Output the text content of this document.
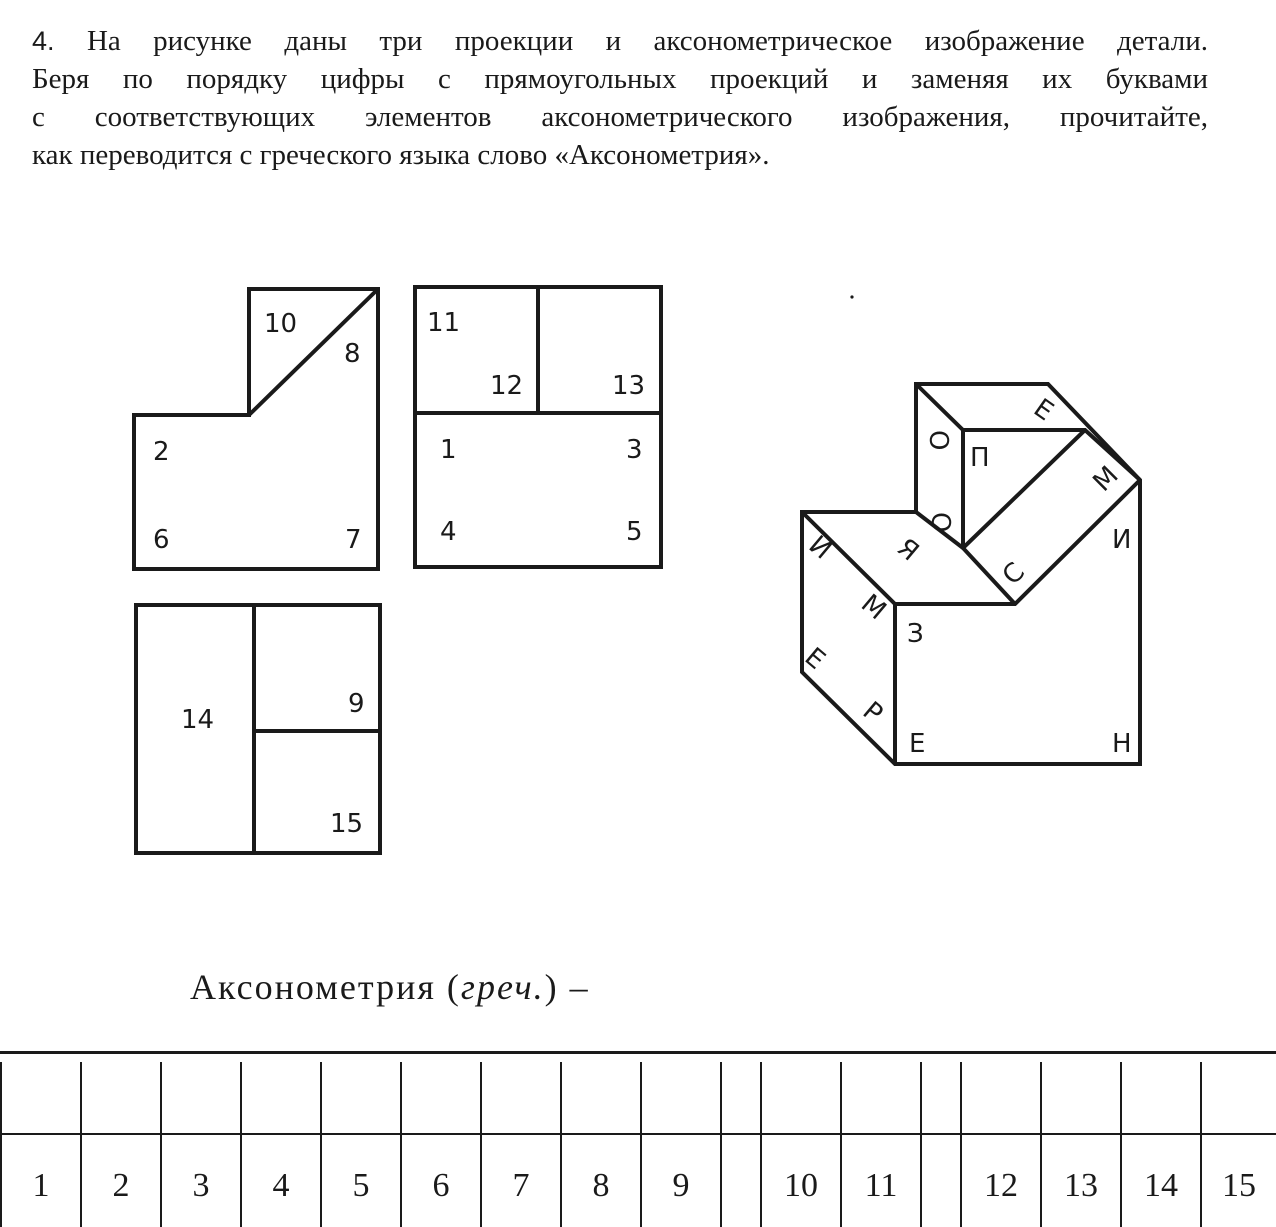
4. На рисунке даны три проекции и аксонометрическое изображение детали.
Беря по порядку цифры с прямоугольных проекций и заменяя их буквами
с соответствующих элементов аксонометрического изображения, прочитайте,
как переводится с греческого языка слово «Аксонометрия».
10
8
2
6	7
11
12	13
1	3
4	5
14
9
15
О
Е
О
П
М
Я
С
И
И
М
З
Е
Р
Е	Н
Аксонометрия (греч.) –
1	2	3	4	5	6	7	8	9	10	11	12	13	14	15
